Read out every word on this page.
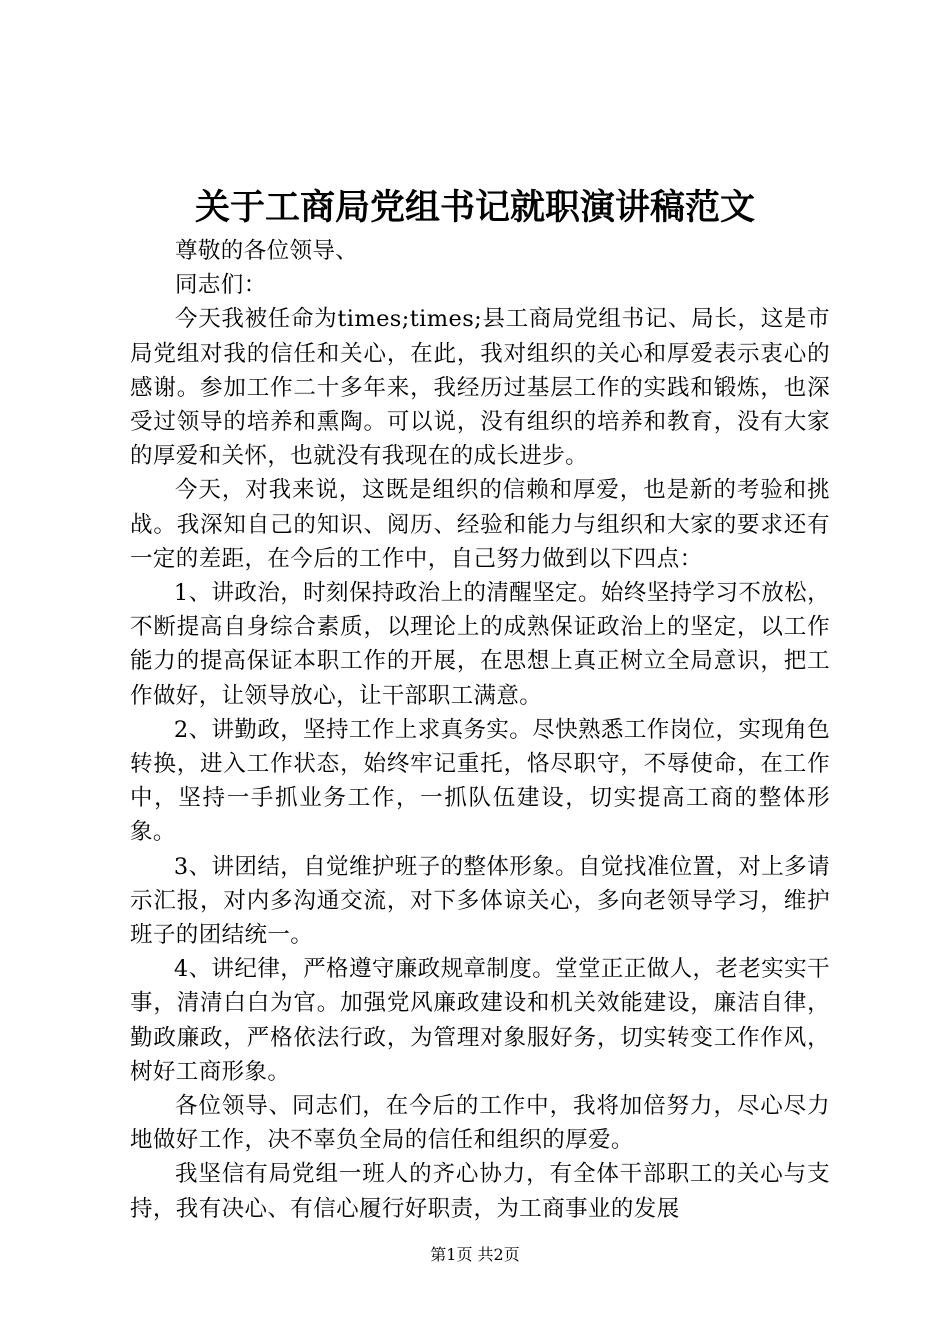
关于工商局党组书记就职演讲稿范文

尊敬的各位领导、

同志们：

今天我被任命为times;times;县工商局党组书记、局长，这是市局党组对我的信任和关心，在此，我对组织的关心和厚爱表示衷心的感谢。参加工作二十多年来，我经历过基层工作的实践和锻炼，也深受过领导的培养和熏陶。可以说，没有组织的培养和教育，没有大家的厚爱和关怀，也就没有我现在的成长进步。

今天，对我来说，这既是组织的信赖和厚爱，也是新的考验和挑战。我深知自己的知识、阅历、经验和能力与组织和大家的要求还有一定的差距，在今后的工作中，自己努力做到以下四点：

1、讲政治，时刻保持政治上的清醒坚定。始终坚持学习不放松，不断提高自身综合素质，以理论上的成熟保证政治上的坚定，以工作能力的提高保证本职工作的开展，在思想上真正树立全局意识，把工作做好，让领导放心，让干部职工满意。

2、讲勤政，坚持工作上求真务实。尽快熟悉工作岗位，实现角色转换，进入工作状态，始终牢记重托，恪尽职守，不辱使命，在工作中，坚持一手抓业务工作，一抓队伍建设，切实提高工商的整体形象。

3、讲团结，自觉维护班子的整体形象。自觉找准位置，对上多请示汇报，对内多沟通交流，对下多体谅关心，多向老领导学习，维护班子的团结统一。

4、讲纪律，严格遵守廉政规章制度。堂堂正正做人，老老实实干事，清清白白为官。加强党风廉政建设和机关效能建设，廉洁自律，勤政廉政，严格依法行政，为管理对象服好务，切实转变工作作风，树好工商形象。

各位领导、同志们，在今后的工作中，我将加倍努力，尽心尽力地做好工作，决不辜负全局的信任和组织的厚爱。

我坚信有局党组一班人的齐心协力，有全体干部职工的关心与支持，我有决心、有信心履行好职责，为工商事业的发展

第1页 共2页
